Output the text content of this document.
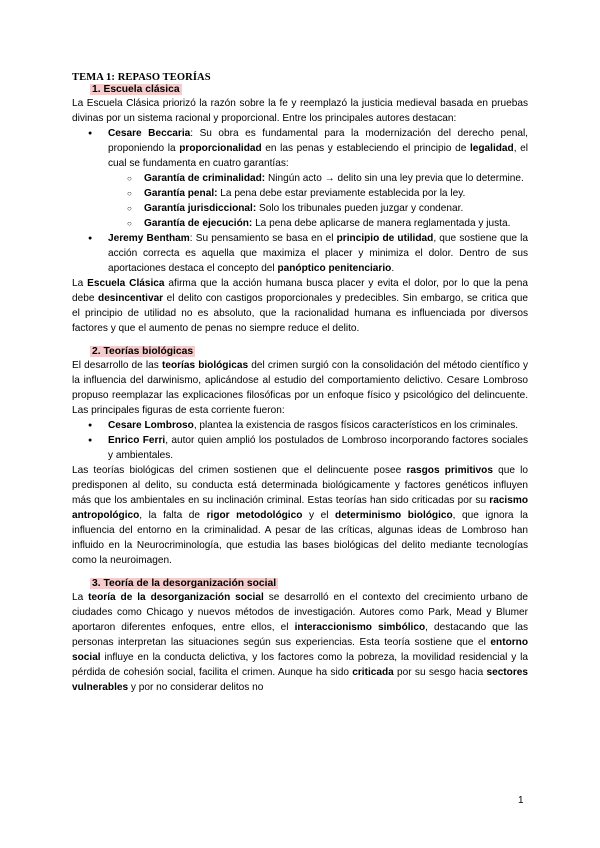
TEMA 1: REPASO TEORÍAS
1. Escuela clásica

La Escuela Clásica priorizó la razón sobre la fe y reemplazó la justicia medieval basada en pruebas divinas por un sistema racional y proporcional. Entre los principales autores destacan:

● Cesare Beccaria: Su obra es fundamental para la modernización del derecho penal, proponiendo la proporcionalidad en las penas y estableciendo el principio de legalidad, el cual se fundamenta en cuatro garantías:
○ Garantía de criminalidad: Ningún acto → delito sin una ley previa que lo determine.
○ Garantía penal: La pena debe estar previamente establecida por la ley.
○ Garantía jurisdiccional: Solo los tribunales pueden juzgar y condenar.
○ Garantía de ejecución: La pena debe aplicarse de manera reglamentada y justa.
● Jeremy Bentham: Su pensamiento se basa en el principio de utilidad, que sostiene que la acción correcta es aquella que maximiza el placer y minimiza el dolor. Dentro de sus aportaciones destaca el concepto del panóptico penitenciario.

La Escuela Clásica afirma que la acción humana busca placer y evita el dolor, por lo que la pena debe desincentivar el delito con castigos proporcionales y predecibles. Sin embargo, se critica que el principio de utilidad no es absoluto, que la racionalidad humana es influenciada por diversos factores y que el aumento de penas no siempre reduce el delito.

2. Teorías biológicas

El desarrollo de las teorías biológicas del crimen surgió con la consolidación del método científico y la influencia del darwinismo, aplicándose al estudio del comportamiento delictivo. Cesare Lombroso propuso reemplazar las explicaciones filosóficas por un enfoque físico y psicológico del delincuente. Las principales figuras de esta corriente fueron:

● Cesare Lombroso, plantea la existencia de rasgos físicos característicos en los criminales.
● Enrico Ferri, autor quien amplió los postulados de Lombroso incorporando factores sociales y ambientales.

Las teorías biológicas del crimen sostienen que el delincuente posee rasgos primitivos que lo predisponen al delito, su conducta está determinada biológicamente y factores genéticos influyen más que los ambientales en su inclinación criminal. Estas teorías han sido criticadas por su racismo antropológico, la falta de rigor metodológico y el determinismo biológico, que ignora la influencia del entorno en la criminalidad. A pesar de las críticas, algunas ideas de Lombroso han influido en la Neurocriminología, que estudia las bases biológicas del delito mediante tecnologías como la neuroimagen.

3. Teoría de la desorganización social

La teoría de la desorganización social se desarrolló en el contexto del crecimiento urbano de ciudades como Chicago y nuevos métodos de investigación. Autores como Park, Mead y Blumer aportaron diferentes enfoques, entre ellos, el interaccionismo simbólico, destacando que las personas interpretan las situaciones según sus experiencias. Esta teoría sostiene que el entorno social influye en la conducta delictiva, y los factores como la pobreza, la movilidad residencial y la pérdida de cohesión social, facilita el crimen. Aunque ha sido criticada por su sesgo hacia sectores vulnerables y por no considerar delitos no

1
